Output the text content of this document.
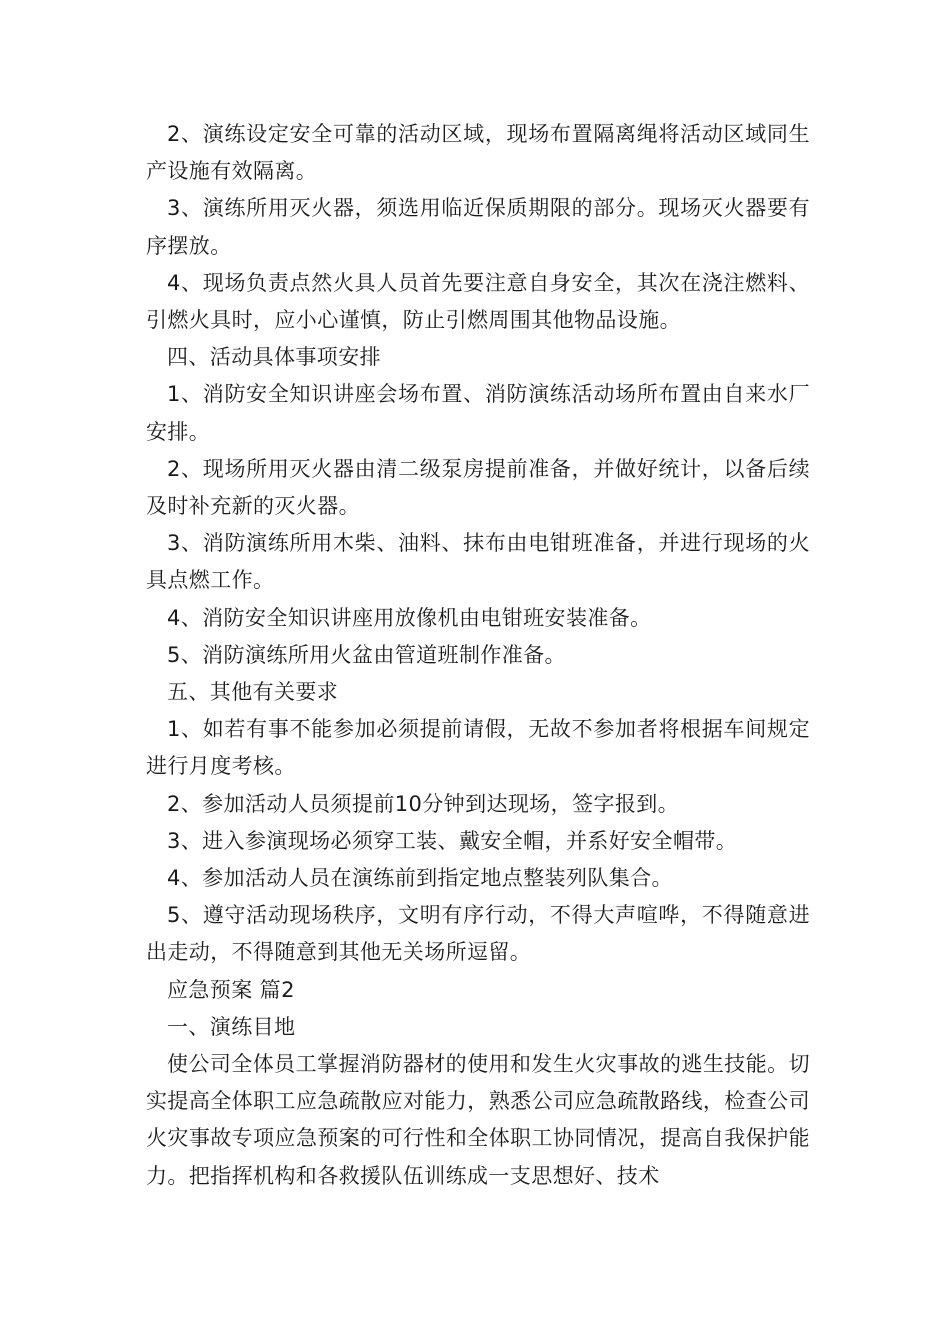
2、演练设定安全可靠的活动区域，现场布置隔离绳将活动区域同生产设施有效隔离。

3、演练所用灭火器，须选用临近保质期限的部分。现场灭火器要有序摆放。

4、现场负责点然火具人员首先要注意自身安全，其次在浇注燃料、引燃火具时，应小心谨慎，防止引燃周围其他物品设施。

四、活动具体事项安排

1、消防安全知识讲座会场布置、消防演练活动场所布置由自来水厂安排。

2、现场所用灭火器由清二级泵房提前准备，并做好统计，以备后续及时补充新的灭火器。

3、消防演练所用木柴、油料、抹布由电钳班准备，并进行现场的火具点燃工作。

4、消防安全知识讲座用放像机由电钳班安装准备。

5、消防演练所用火盆由管道班制作准备。

五、其他有关要求

1、如若有事不能参加必须提前请假，无故不参加者将根据车间规定进行月度考核。

2、参加活动人员须提前10分钟到达现场，签字报到。

3、进入参演现场必须穿工装、戴安全帽，并系好安全帽带。

4、参加活动人员在演练前到指定地点整装列队集合。

5、遵守活动现场秩序，文明有序行动，不得大声喧哗，不得随意进出走动，不得随意到其他无关场所逗留。

应急预案 篇2

一、演练目地

使公司全体员工掌握消防器材的使用和发生火灾事故的逃生技能。切实提高全体职工应急疏散应对能力，熟悉公司应急疏散路线，检查公司火灾事故专项应急预案的可行性和全体职工协同情况，提高自我保护能力。把指挥机构和各救援队伍训练成一支思想好、技术
